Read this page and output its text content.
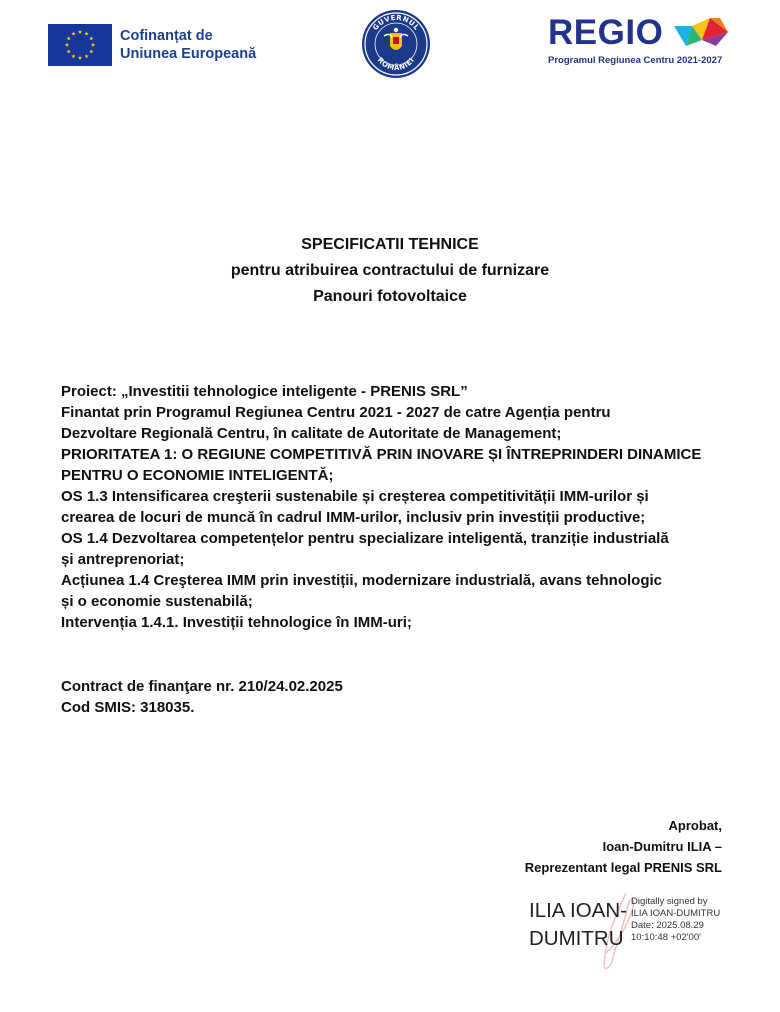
Cofinanțat de
Uniunea Europeană
GUVERNUL
ROMÂNIEI
REGIO
Programul Regiunea Centru 2021-2027
SPECIFICATII TEHNICE
pentru atribuirea contractului de furnizare
Panouri fotovoltaice
Proiect: „Investitii tehnologice inteligente - PRENIS SRL”
Finantat prin Programul Regiunea Centru 2021 - 2027 de catre Agenția pentru
Dezvoltare Regională Centru, în calitate de Autoritate de Management;
PRIORITATEA 1: O REGIUNE COMPETITIVĂ PRIN INOVARE ȘI ÎNTREPRINDERI DINAMICE
PENTRU O ECONOMIE INTELIGENTĂ;
OS 1.3 Intensificarea creşterii sustenabile și creșterea competitivității IMM-urilor și
crearea de locuri de muncă în cadrul IMM-urilor, inclusiv prin investiții productive;
OS 1.4 Dezvoltarea competențelor pentru specializare inteligentă, tranziție industrială
și antreprenoriat;
Acțiunea 1.4 Creşterea IMM prin investiții, modernizare industrială, avans tehnologic
și o economie sustenabilă;
Intervenția 1.4.1. Investiții tehnologice în IMM-uri;
Contract de finanţare nr. 210/24.02.2025
Cod SMIS: 318035.
Aprobat,
Ioan-Dumitru ILIA –
Reprezentant legal PRENIS SRL
ILIA IOAN-
DUMITRU
Digitally signed by
ILIA IOAN-DUMITRU
Date: 2025.08.29
10:10:48 +02'00'
